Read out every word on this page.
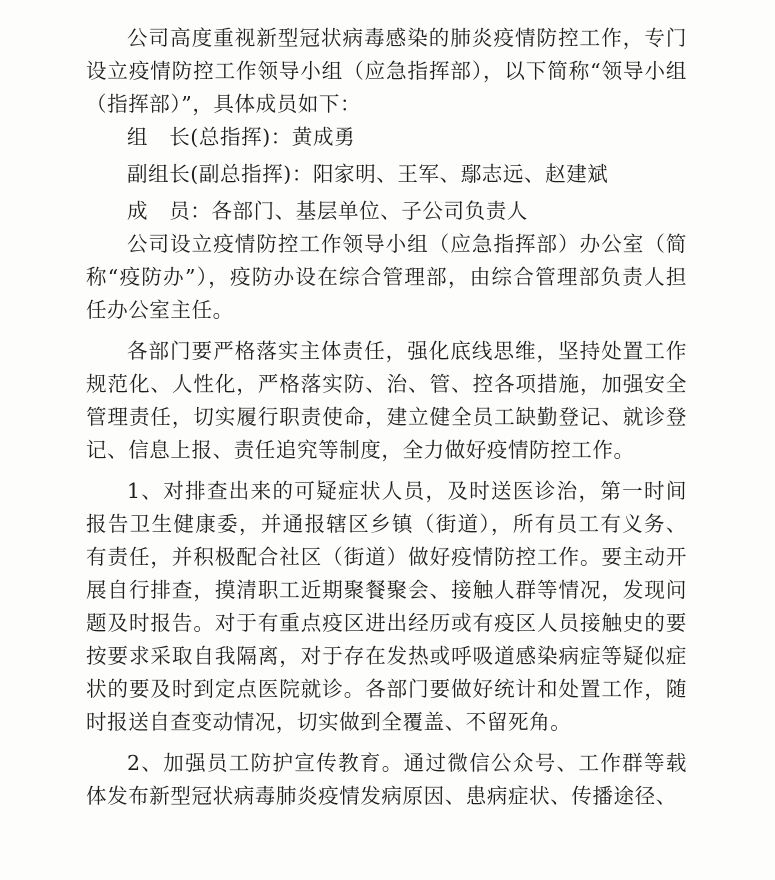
公司高度重视新型冠状病毒感染的肺炎疫情防控工作，专门设立疫情防控工作领导小组（应急指挥部），以下简称“领导小组（指挥部）”，具体成员如下：

组　长(总指挥)：黄成勇

副组长(副总指挥)：阳家明、王军、鄢志远、赵建斌

成　员：各部门、基层单位、子公司负责人

公司设立疫情防控工作领导小组（应急指挥部）办公室（简称“疫防办”），疫防办设在综合管理部，由综合管理部负责人担任办公室主任。

各部门要严格落实主体责任，强化底线思维，坚持处置工作规范化、人性化，严格落实防、治、管、控各项措施，加强安全管理责任，切实履行职责使命，建立健全员工缺勤登记、就诊登记、信息上报、责任追究等制度，全力做好疫情防控工作。

1、对排查出来的可疑症状人员，及时送医诊治，第一时间报告卫生健康委，并通报辖区乡镇（街道），所有员工有义务、有责任，并积极配合社区（街道）做好疫情防控工作。要主动开展自行排查，摸清职工近期聚餐聚会、接触人群等情况，发现问题及时报告。对于有重点疫区进出经历或有疫区人员接触史的要按要求采取自我隔离，对于存在发热或呼吸道感染病症等疑似症状的要及时到定点医院就诊。各部门要做好统计和处置工作，随时报送自查变动情况，切实做到全覆盖、不留死角。

2、加强员工防护宣传教育。通过微信公众号、工作群等载体发布新型冠状病毒肺炎疫情发病原因、患病症状、传播途径、
